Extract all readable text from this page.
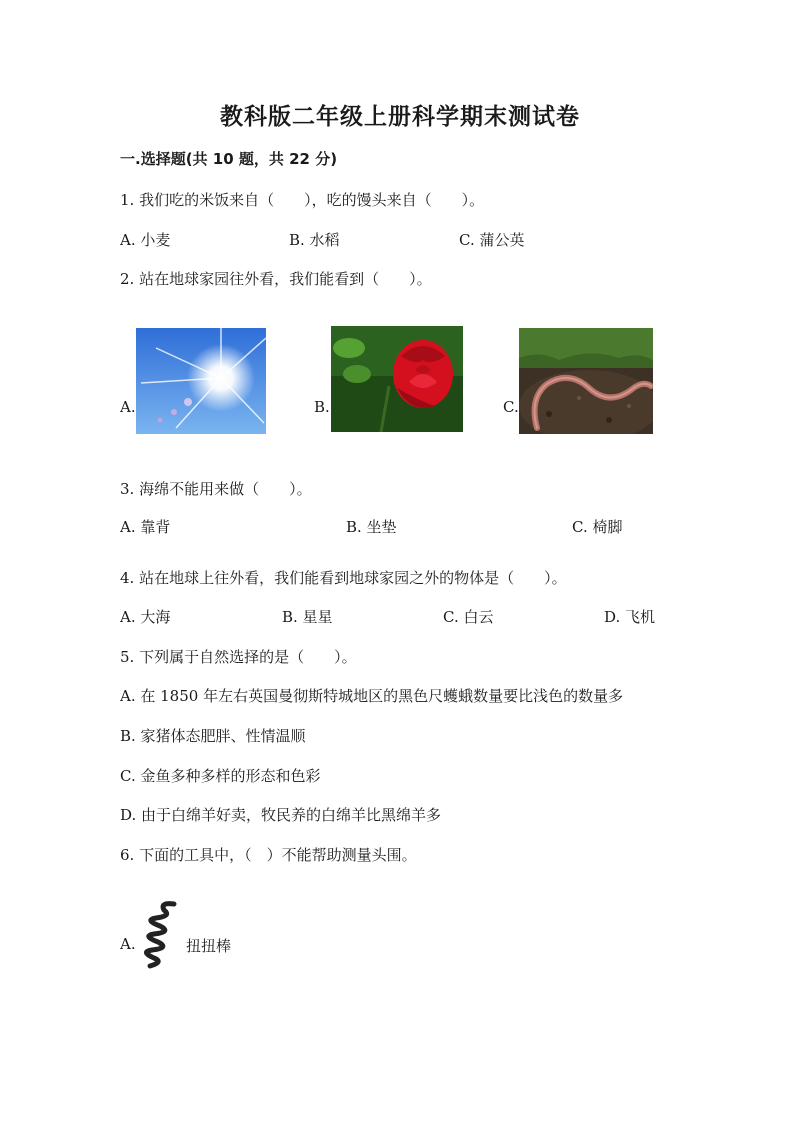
教科版二年级上册科学期末测试卷
一.选择题(共 10 题，共 22 分)
1. 我们吃的米饭来自（　　），吃的馒头来自（　　）。
A. 小麦	B. 水稻	C. 蒲公英
2. 站在地球家园往外看，我们能看到（　　）。
A.	B.	C.
3. 海绵不能用来做（　　）。
A. 靠背	B. 坐垫	C. 椅脚
4. 站在地球上往外看，我们能看到地球家园之外的物体是（　　）。
A. 大海	B. 星星	C. 白云	D. 飞机
5. 下列属于自然选择的是（　　）。
A. 在 1850 年左右英国曼彻斯特城地区的黑色尺蠖蛾数量要比浅色的数量多
B. 家猪体态肥胖、性情温顺
C. 金鱼多种多样的形态和色彩
D. 由于白绵羊好卖，牧民养的白绵羊比黑绵羊多
6. 下面的工具中，（　）不能帮助测量头围。
A.	扭扭棒
